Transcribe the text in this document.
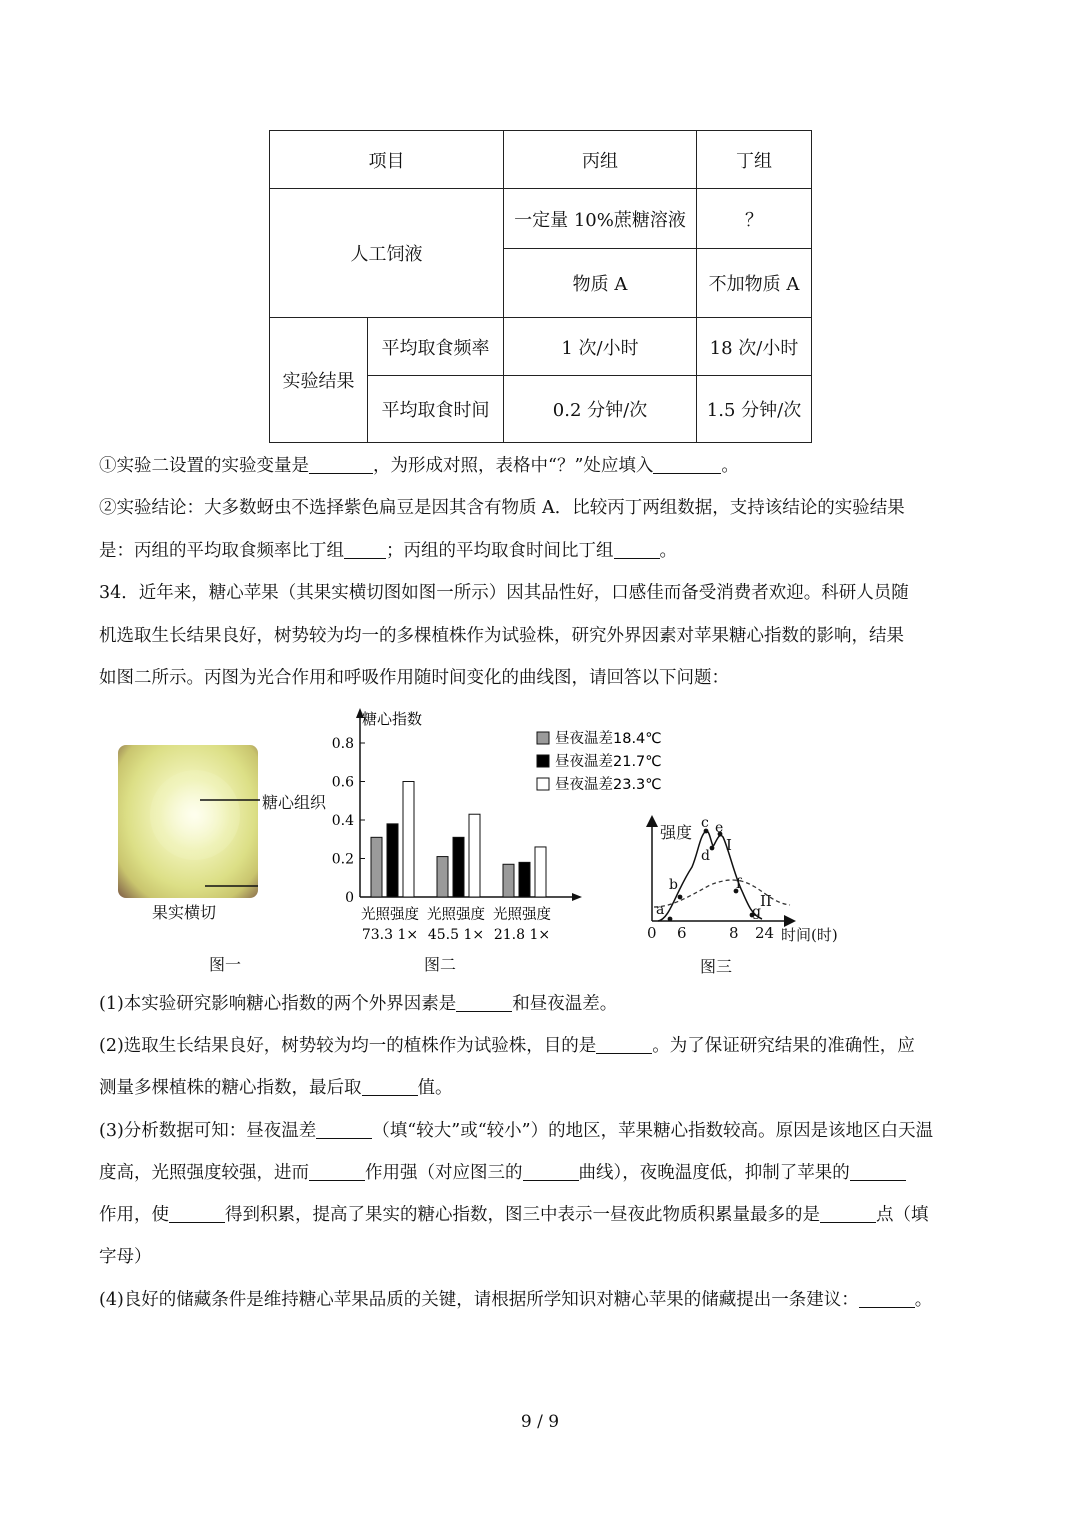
项目		丙组	丁组
人工饲液		一定量 10%蔗糖溶液	？
		物质 A	不加物质 A
实验结果	平均取食频率	1 次/小时	18 次/小时
	平均取食时间	0.2 分钟/次	1.5 分钟/次
①实验二设置的实验变量是	，为形成对照，表格中“？”处应填入	。
②实验结论：大多数蚜虫不选择紫色扁豆是因其含有物质 A．比较丙丁两组数据，支持该结论的实验结果
是：丙组的平均取食频率比丁组 ；丙组的平均取食时间比丁组	。
34．近年来，糖心苹果（其果实横切图如图一所示）因其品性好，口感佳而备受消费者欢迎。科研人员随
机选取生长结果良好，树势较为均一的多棵植株作为试验株，研究外界因素对苹果糖心指数的影响，结果
如图二所示。丙图为光合作用和呼吸作用随时间变化的曲线图，请回答以下问题：
糖心组织
果实横切
图一
糖心指数
0
0.2
0.4
0.6
0.8
光照强度
73.3 1×
光照强度
45.5 1×
光照强度
21.8 1×
昼夜温差18.4℃
昼夜温差21.7℃
昼夜温差23.3℃
图二
强度
a
b
c
d
e
f
g
I
II
0 6	8 24 时间(时)
图三
(1)本实验研究影响糖心指数的两个外界因素是	和昼夜温差。
(2)选取生长结果良好，树势较为均一的植株作为试验株，目的是	。为了保证研究结果的准确性，应
测量多棵植株的糖心指数，最后取	值。
(3)分析数据可知：昼夜温差	（填“较大”或“较小”）的地区，苹果糖心指数较高。原因是该地区白天温
度高，光照强度较强，进而	作用强（对应图三的	曲线），夜晚温度低，抑制了苹果的
作用，使	得到积累，提高了果实的糖心指数，图三中表示一昼夜此物质积累量最多的是	点（填
字母）
(4)良好的储藏条件是维持糖心苹果品质的关键，请根据所学知识对糖心苹果的储藏提出一条建议：	。
9 / 9
